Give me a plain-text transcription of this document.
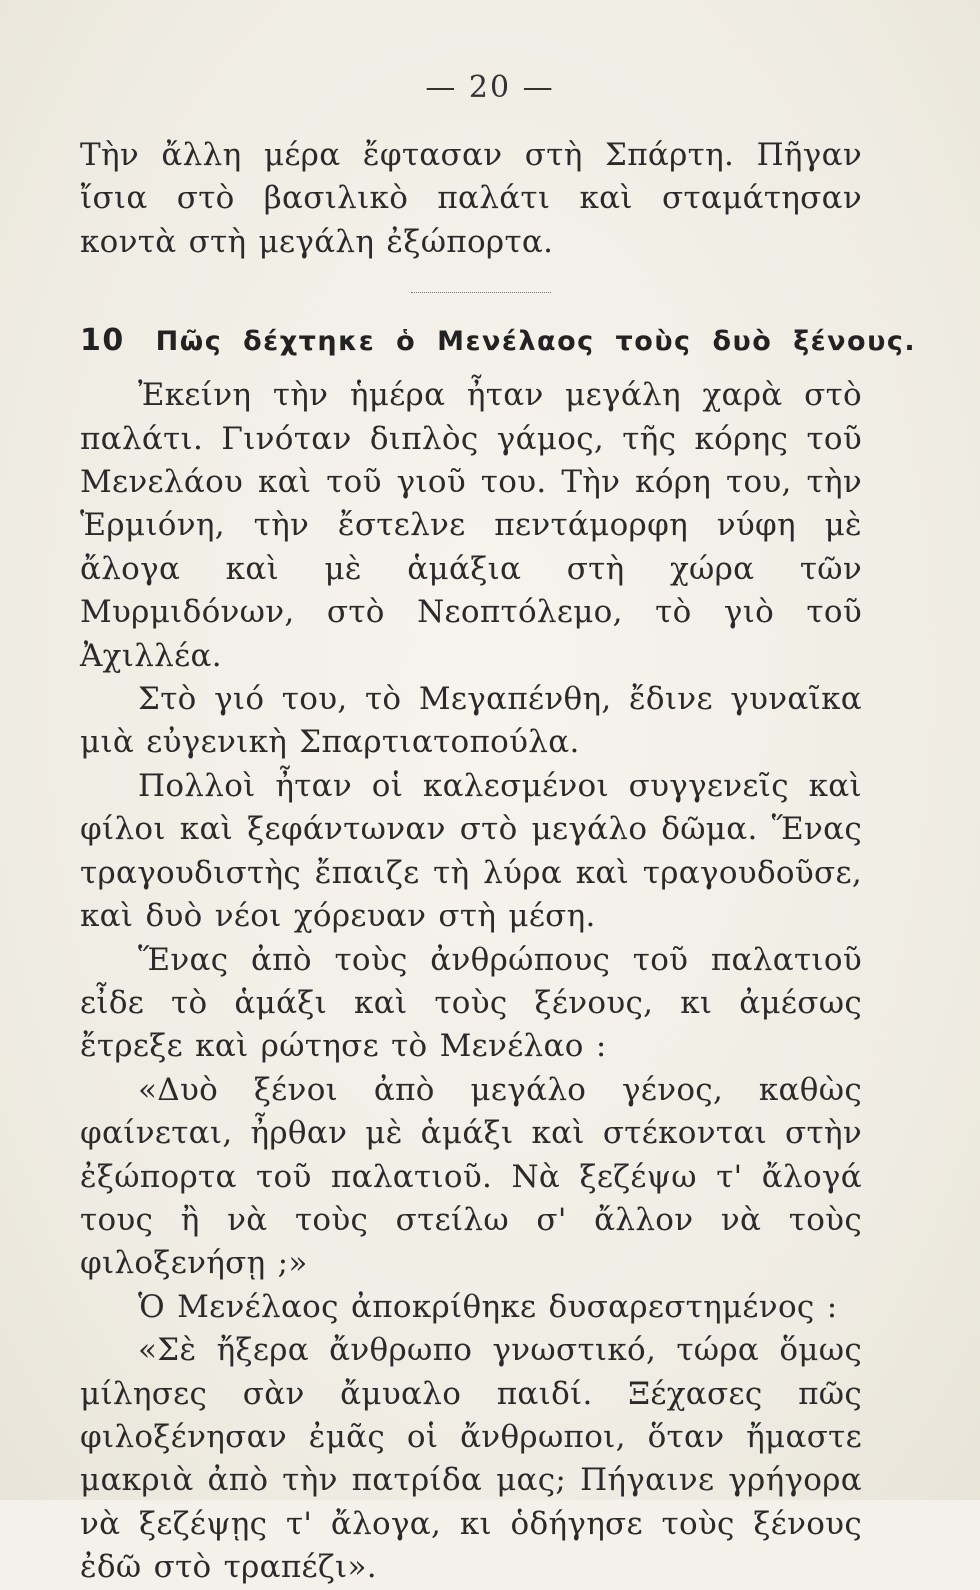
— 20 —

Τὴν ἄλλη μέρα ἔφτασαν στὴ Σπάρτη. Πῆγαν ἴσια στὸ βασιλικὸ παλάτι καὶ σταμάτησαν κοντὰ στὴ μεγάλη ἐξώπορτα.

10 Πῶς δέχτηκε ὁ Μενέλαος τοὺς δυὸ ξένους.

Ἐκείνη τὴν ἡμέρα ἦταν μεγάλη χαρὰ στὸ παλάτι. Γινόταν διπλὸς γάμος, τῆς κόρης τοῦ Μενελάου καὶ τοῦ γιοῦ του. Τὴν κόρη του, τὴν Ἑρμιόνη, τὴν ἔστελνε πεντάμορφη νύφη μὲ ἄλογα καὶ μὲ ἁμάξια στὴ χώρα τῶν Μυρμιδόνων, στὸ Νεοπτόλεμο, τὸ γιὸ τοῦ Ἀχιλλέα.

Στὸ γιό του, τὸ Μεγαπένθη, ἔδινε γυναῖκα μιὰ εὐγενικὴ Σπαρτιατοπούλα.

Πολλοὶ ἦταν οἱ καλεσμένοι συγγενεῖς καὶ φίλοι καὶ ξεφάντωναν στὸ μεγάλο δῶμα. Ἕνας τραγουδιστὴς ἔπαιζε τὴ λύρα καὶ τραγουδοῦσε, καὶ δυὸ νέοι χόρευαν στὴ μέση.

Ἕνας ἀπὸ τοὺς ἀνθρώπους τοῦ παλατιοῦ εἶδε τὸ ἁμάξι καὶ τοὺς ξένους, κι ἀμέσως ἔτρεξε καὶ ρώτησε τὸ Μενέλαο :

«Δυὸ ξένοι ἀπὸ μεγάλο γένος, καθὼς φαίνεται, ἦρθαν μὲ ἁμάξι καὶ στέκονται στὴν ἐξώπορτα τοῦ παλατιοῦ. Νὰ ξεζέψω τ' ἄλογά τους ἢ νὰ τοὺς στείλω σ' ἄλλον νὰ τοὺς φιλοξενήσῃ ;»

Ὁ Μενέλαος ἀποκρίθηκε δυσαρεστημένος :

«Σὲ ἤξερα ἄνθρωπο γνωστικό, τώρα ὅμως μίλησες σὰν ἄμυαλο παιδί. Ξέχασες πῶς φιλοξένησαν ἐμᾶς οἱ ἄνθρωποι, ὅταν ἤμαστε μακριὰ ἀπὸ τὴν πατρίδα μας; Πήγαινε γρήγορα νὰ ξεζέψῃς τ' ἄλογα, κι ὁδήγησε τοὺς ξένους ἐδῶ στὸ τραπέζι».
